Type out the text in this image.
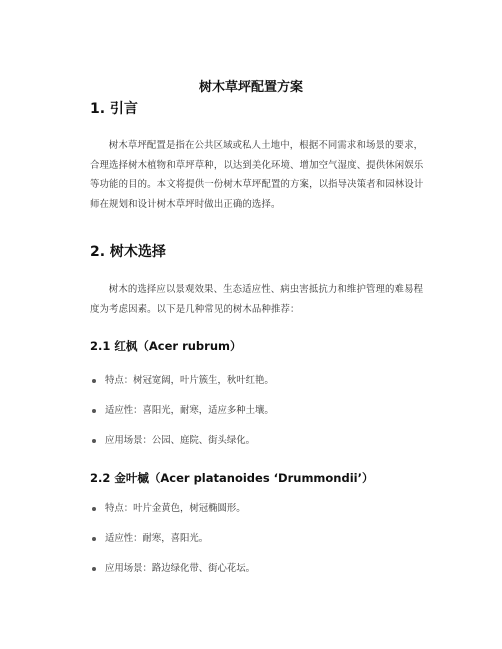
树木草坪配置方案
1. 引言

树木草坪配置是指在公共区域或私人土地中，根据不同需求和场景的要求，合理选择树木植物和草坪草种，以达到美化环境、增加空气湿度、提供休闲娱乐等功能的目的。本文将提供一份树木草坪配置的方案，以指导决策者和园林设计师在规划和设计树木草坪时做出正确的选择。

2. 树木选择

树木的选择应以景观效果、生态适应性、病虫害抵抗力和维护管理的难易程度为考虑因素。以下是几种常见的树木品种推荐：

2.1 红枫（Acer rubrum）
特点：树冠宽阔，叶片簇生，秋叶红艳。
适应性：喜阳光，耐寒，适应多种土壤。
应用场景：公园、庭院、街头绿化。
2.2 金叶槭（Acer platanoides ‘Drummondii’）
特点：叶片金黄色，树冠椭圆形。
适应性：耐寒，喜阳光。
应用场景：路边绿化带、街心花坛。
